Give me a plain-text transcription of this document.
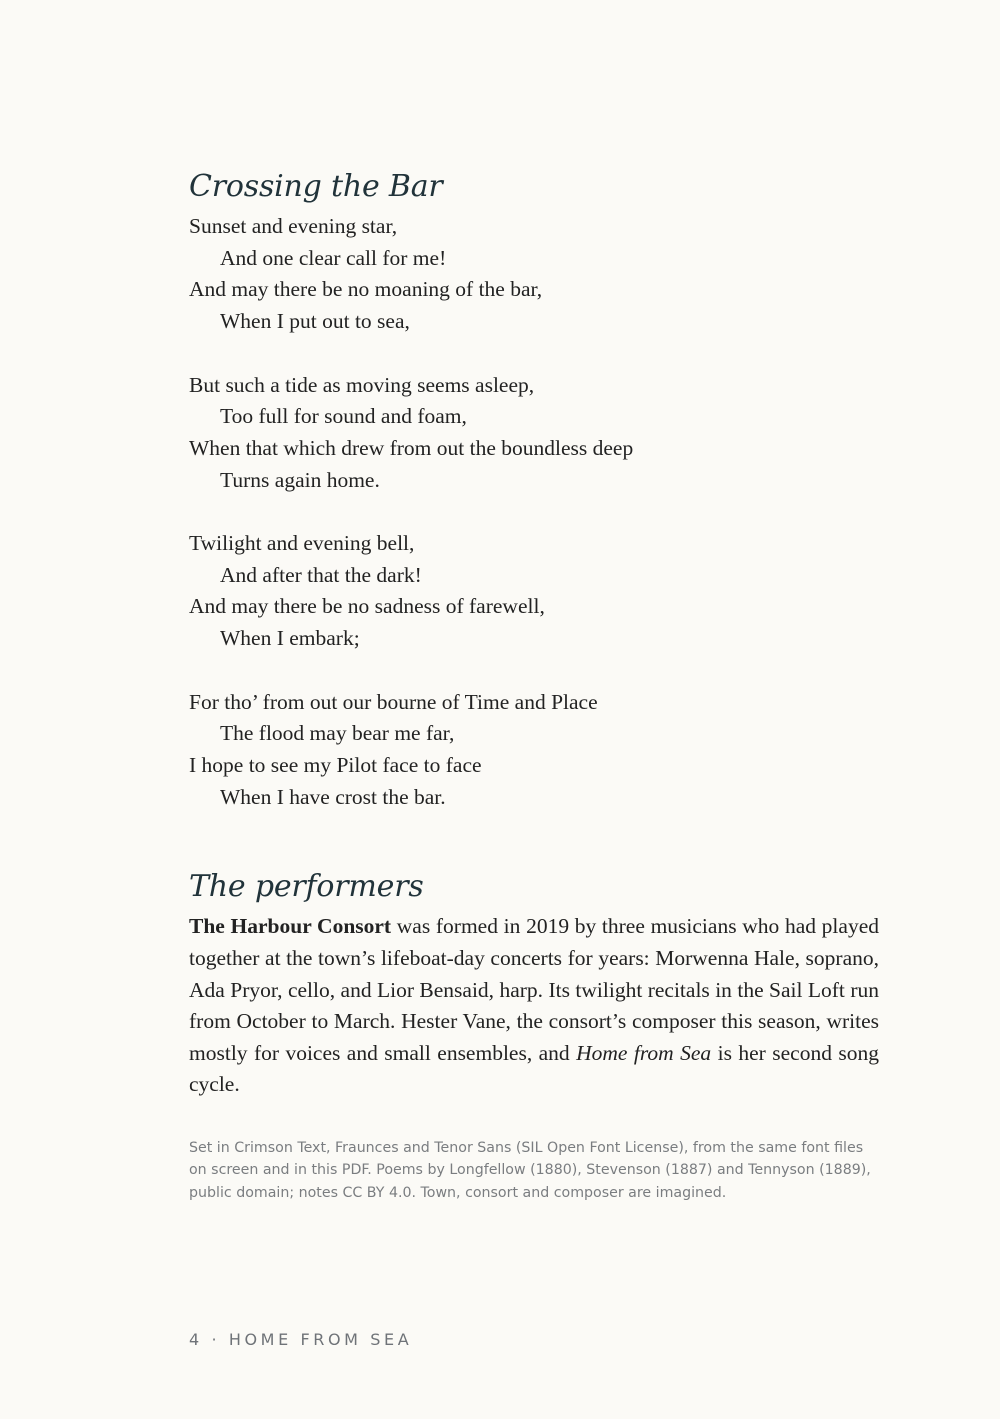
Crossing the Bar
Sunset and evening star,
And one clear call for me!
And may there be no moaning of the bar,
When I put out to sea,
But such a tide as moving seems asleep,
Too full for sound and foam,
When that which drew from out the boundless deep
Turns again home.
Twilight and evening bell,
And after that the dark!
And may there be no sadness of farewell,
When I embark;
For tho’ from out our bourne of Time and Place
The flood may bear me far,
I hope to see my Pilot face to face
When I have crost the bar.
The performers

The Harbour Consort was formed in 2019 by three musicians who had played together at the town’s lifeboat-day concerts for years: Morwenna Hale, soprano, Ada Pryor, cello, and Lior Bensaid, harp. Its twilight recitals in the Sail Loft run from October to March. Hester Vane, the consort’s composer this season, writes mostly for voices and small ensembles, and Home from Sea is her second song cycle.

Set in Crimson Text, Fraunces and Tenor Sans (SIL Open Font License), from the same font files on screen and in this PDF. Poems by Longfellow (1880), Stevenson (1887) and Tennyson (1889), public domain; notes CC BY 4.0. Town, consort and composer are imagined.

4 · HOME FROM SEA
